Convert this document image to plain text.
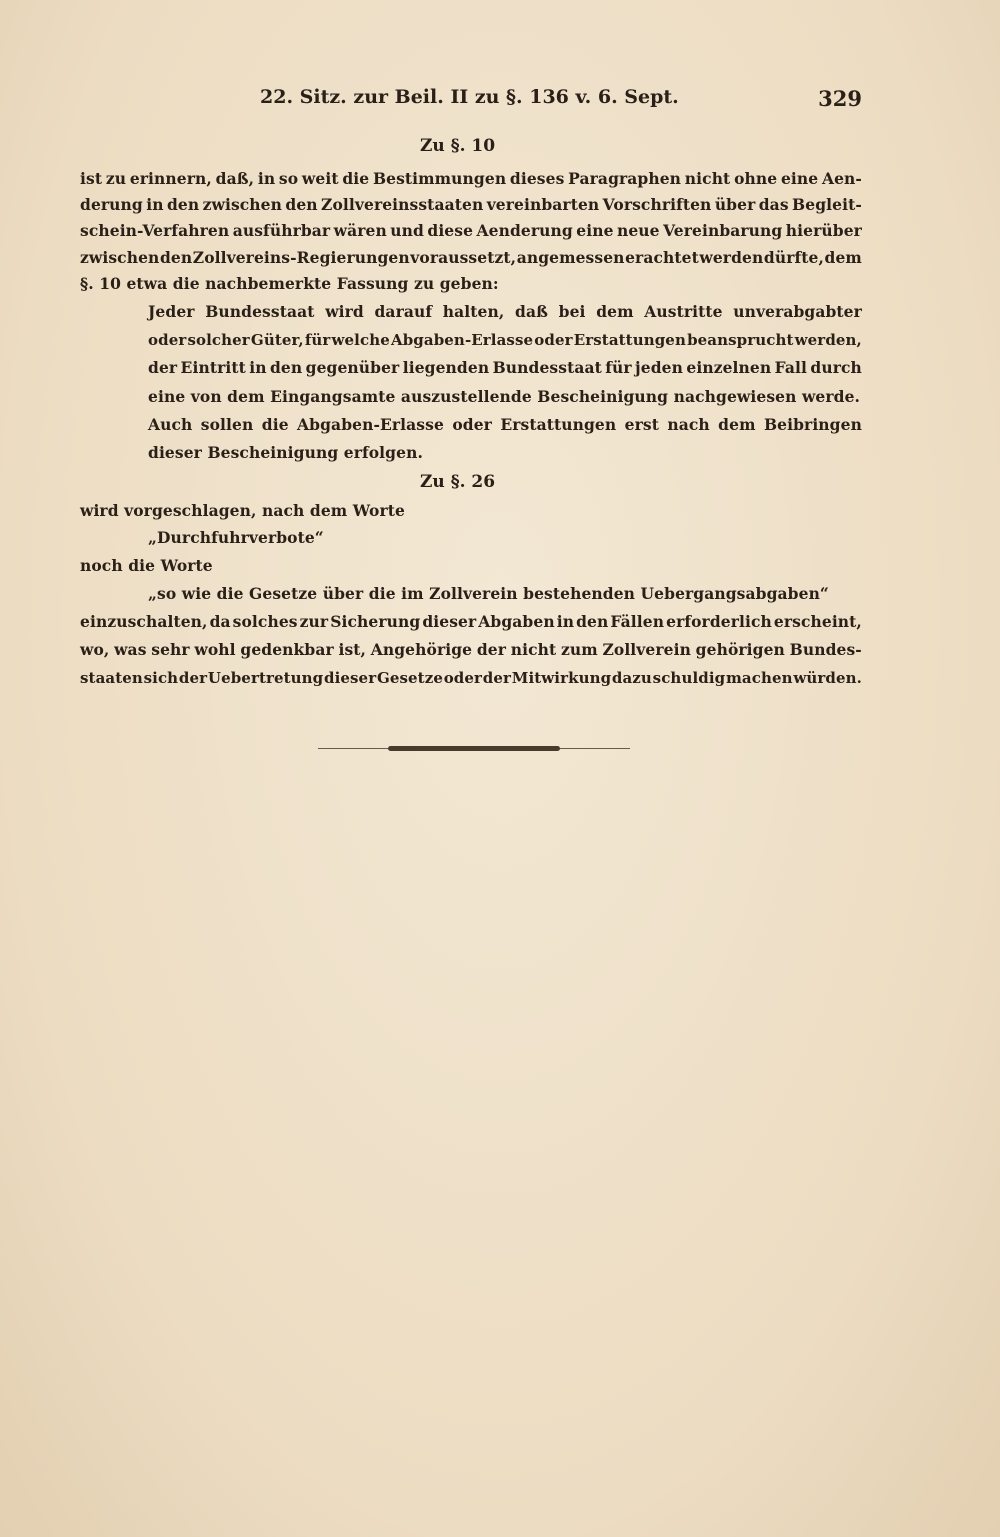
22. Sitz. zur Beil. II zu §. 136 v. 6. Sept.	329
Zu §. 10
ist zu erinnern, daß, in so weit die Bestimmungen dieses Paragraphen nicht ohne eine Aen-
derung in den zwischen den Zollvereinsstaaten vereinbarten Vorschriften über das Begleit-
schein-Verfahren ausführbar wären und diese Aenderung eine neue Vereinbarung hierüber
zwischen den Zollvereins-Regierungen voraussetzt, angemessen erachtet werden dürfte, dem
§. 10 etwa die nachbemerkte Fassung zu geben:
Jeder Bundesstaat wird darauf halten, daß bei dem Austritte unverabgabter
oder solcher Güter, für welche Abgaben-Erlasse oder Erstattungen beansprucht werden,
der Eintritt in den gegenüber liegenden Bundesstaat für jeden einzelnen Fall durch
eine von dem Eingangsamte auszustellende Bescheinigung nachgewiesen werde.
Auch sollen die Abgaben-Erlasse oder Erstattungen erst nach dem Beibringen
dieser Bescheinigung erfolgen.
Zu §. 26
wird vorgeschlagen, nach dem Worte
„Durchfuhrverbote“
noch die Worte
„so wie die Gesetze über die im Zollverein bestehenden Uebergangsabgaben“
einzuschalten, da solches zur Sicherung dieser Abgaben in den Fällen erforderlich erscheint,
wo, was sehr wohl gedenkbar ist, Angehörige der nicht zum Zollverein gehörigen Bundes-
staaten sich der Uebertretung dieser Gesetze oder der Mitwirkung dazu schuldig machen würden.
